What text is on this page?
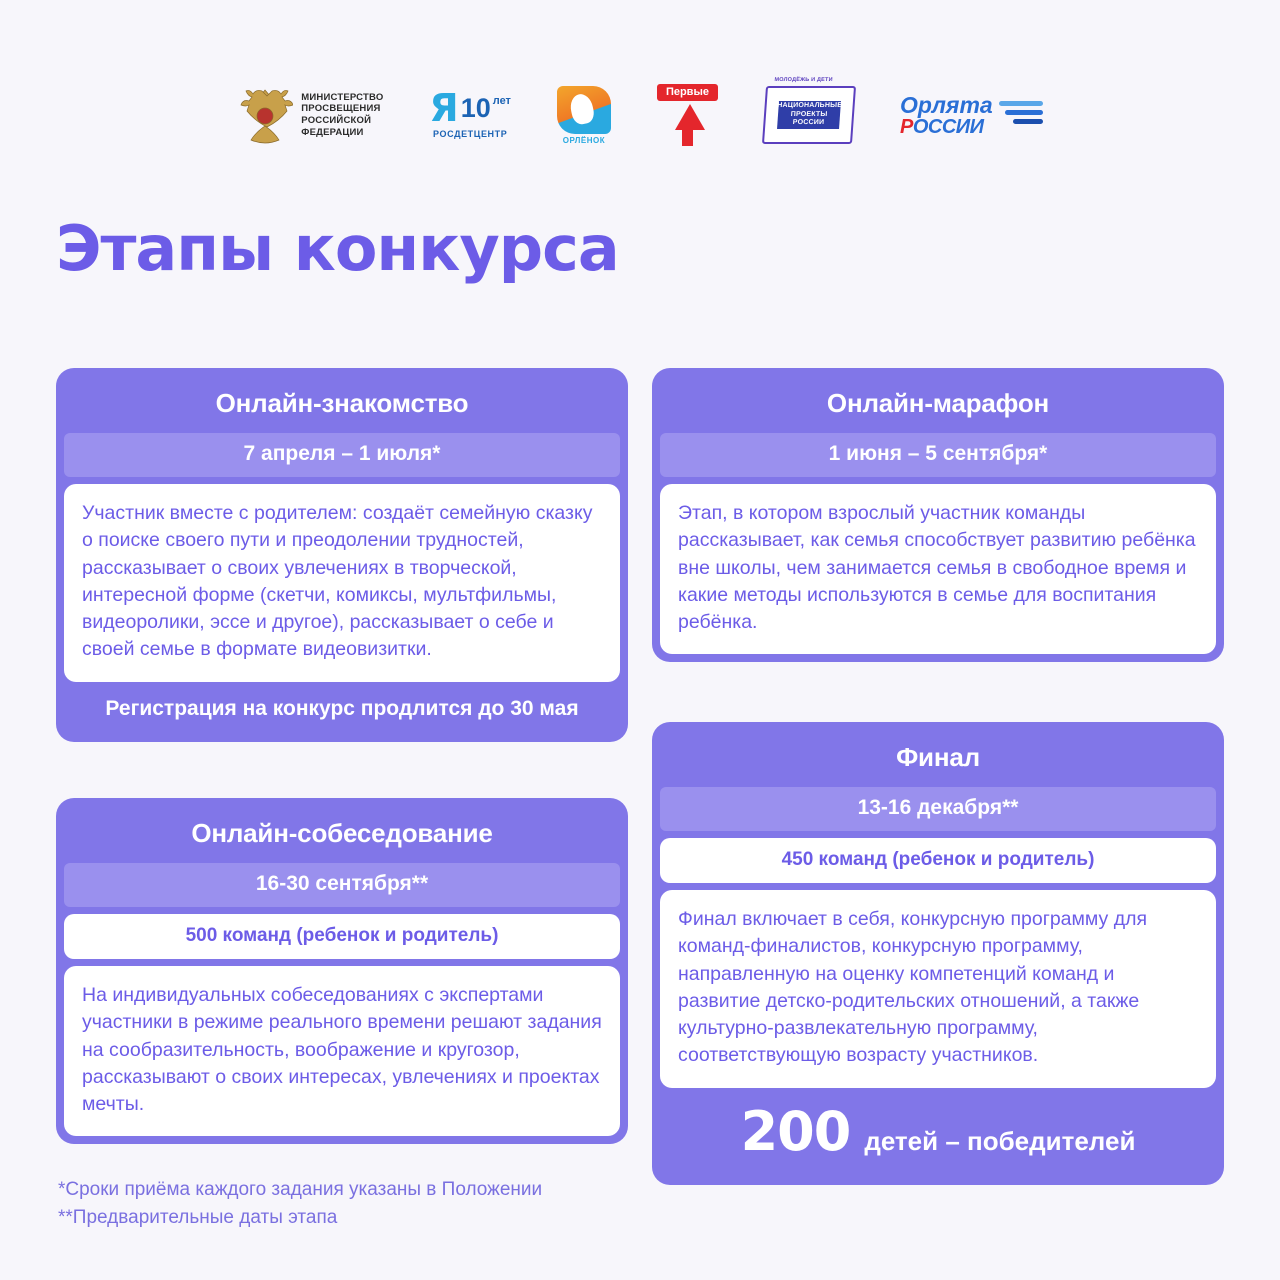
МИНИСТЕРСТВО
ПРОСВЕЩЕНИЯ
РОССИЙСКОЙ
ФЕДЕРАЦИИ
Я 10 лет
РОСДЕТЦЕНТР
ОРЛЁНОК
Первые
МОЛОДЁЖЬ И ДЕТИ
НАЦИОНАЛЬНЫЕ ПРОЕКТЫ РОССИИ
Орлята
РОССИИ
Этапы конкурса
Онлайн-знакомство
7 апреля – 1 июля*
Участник вместе с родителем: создаёт семейную сказку о поиске своего пути и преодолении трудностей, рассказывает о своих увлечениях в творческой, интересной форме (скетчи, комиксы, мультфильмы, видеоролики, эссе и другое), рассказывает о себе и своей семье в формате видеовизитки.
Регистрация на конкурс продлится до 30 мая
Онлайн-марафон
1 июня – 5 сентября*
Этап, в котором взрослый участник команды рассказывает, как семья способствует развитию ребёнка вне школы, чем занимается семья в свободное время и какие методы используются в семье для воспитания ребёнка.
Онлайн-собеседование
16-30 сентября**
500 команд (ребенок и родитель)
На индивидуальных собеседованиях с экспертами участники в режиме реального времени решают задания на сообразительность, воображение и кругозор, рассказывают о своих интересах, увлечениях и проектах мечты.
Финал
13-16 декабря**
450 команд (ребенок и родитель)
Финал включает в себя, конкурсную программу для команд-финалистов, конкурсную программу, направленную на оценку компетенций команд и развитие детско-родительских отношений, а также культурно-развлекательную программу, соответствующую возрасту участников.
200 детей – победителей
*Сроки приёма каждого задания указаны в Положении
**Предварительные даты этапа
